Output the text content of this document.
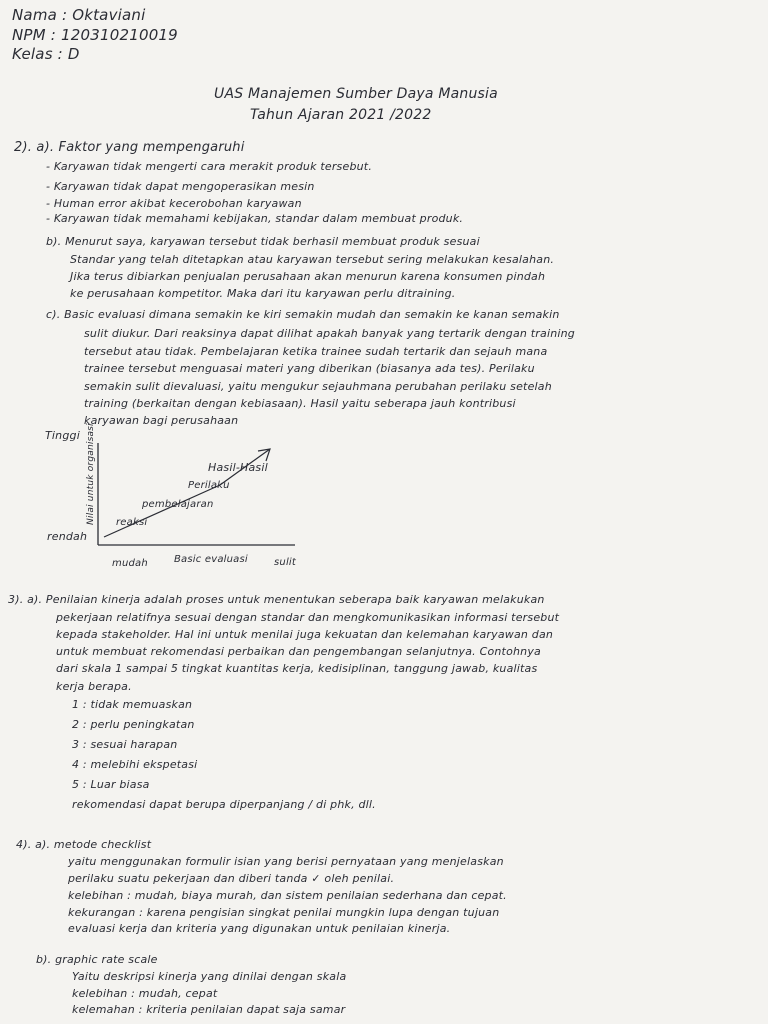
Nama : Oktaviani
NPM : 120310210019
Kelas : D
UAS Manajemen Sumber Daya Manusia
Tahun Ajaran 2021 /2022
2). a). Faktor yang mempengaruhi
- Karyawan tidak mengerti cara merakit produk tersebut.
- Karyawan tidak dapat mengoperasikan mesin
- Human error akibat kecerobohan karyawan
- Karyawan tidak memahami kebijakan, standar dalam membuat produk.
b). Menurut saya, karyawan tersebut tidak berhasil membuat produk sesuai
Standar yang telah ditetapkan atau karyawan tersebut sering melakukan kesalahan.
Jika terus dibiarkan penjualan perusahaan akan menurun karena konsumen pindah
ke perusahaan kompetitor. Maka dari itu karyawan perlu ditraining.
c). Basic evaluasi dimana semakin ke kiri semakin mudah dan semakin ke kanan semakin
sulit diukur. Dari reaksinya dapat dilihat apakah banyak yang tertarik dengan training
tersebut atau tidak. Pembelajaran ketika trainee sudah tertarik dan sejauh mana
trainee tersebut menguasai materi yang diberikan (biasanya ada tes). Perilaku
semakin sulit dievaluasi, yaitu mengukur sejauhmana perubahan perilaku setelah
training (berkaitan dengan kebiasaan). Hasil yaitu seberapa jauh kontribusi
karyawan bagi perusahaan
Tinggi
rendah
Nilai untuk organisasi
mudah	Basic evaluasi	sulit
reaksi
pembelajaran
Perilaku
Hasil-Hasil
3). a). Penilaian kinerja adalah proses untuk menentukan seberapa baik karyawan melakukan
pekerjaan relatifnya sesuai dengan standar dan mengkomunikasikan informasi tersebut
kepada stakeholder. Hal ini untuk menilai juga kekuatan dan kelemahan karyawan dan
untuk membuat rekomendasi perbaikan dan pengembangan selanjutnya. Contohnya
dari skala 1 sampai 5 tingkat kuantitas kerja, kedisiplinan, tanggung jawab, kualitas
kerja berapa.
1 : tidak memuaskan
2 : perlu peningkatan
3 : sesuai harapan
4 : melebihi ekspetasi
5 : Luar biasa
rekomendasi dapat berupa diperpanjang / di phk, dll.
4). a). metode checklist
yaitu menggunakan formulir isian yang berisi pernyataan yang menjelaskan
perilaku suatu pekerjaan dan diberi tanda ✓ oleh penilai.
kelebihan : mudah, biaya murah, dan sistem penilaian sederhana dan cepat.
kekurangan : karena pengisian singkat penilai mungkin lupa dengan tujuan
evaluasi kerja dan kriteria yang digunakan untuk penilaian kinerja.
b). graphic rate scale
Yaitu deskripsi kinerja yang dinilai dengan skala
kelebihan : mudah, cepat
kelemahan : kriteria penilaian dapat saja samar
